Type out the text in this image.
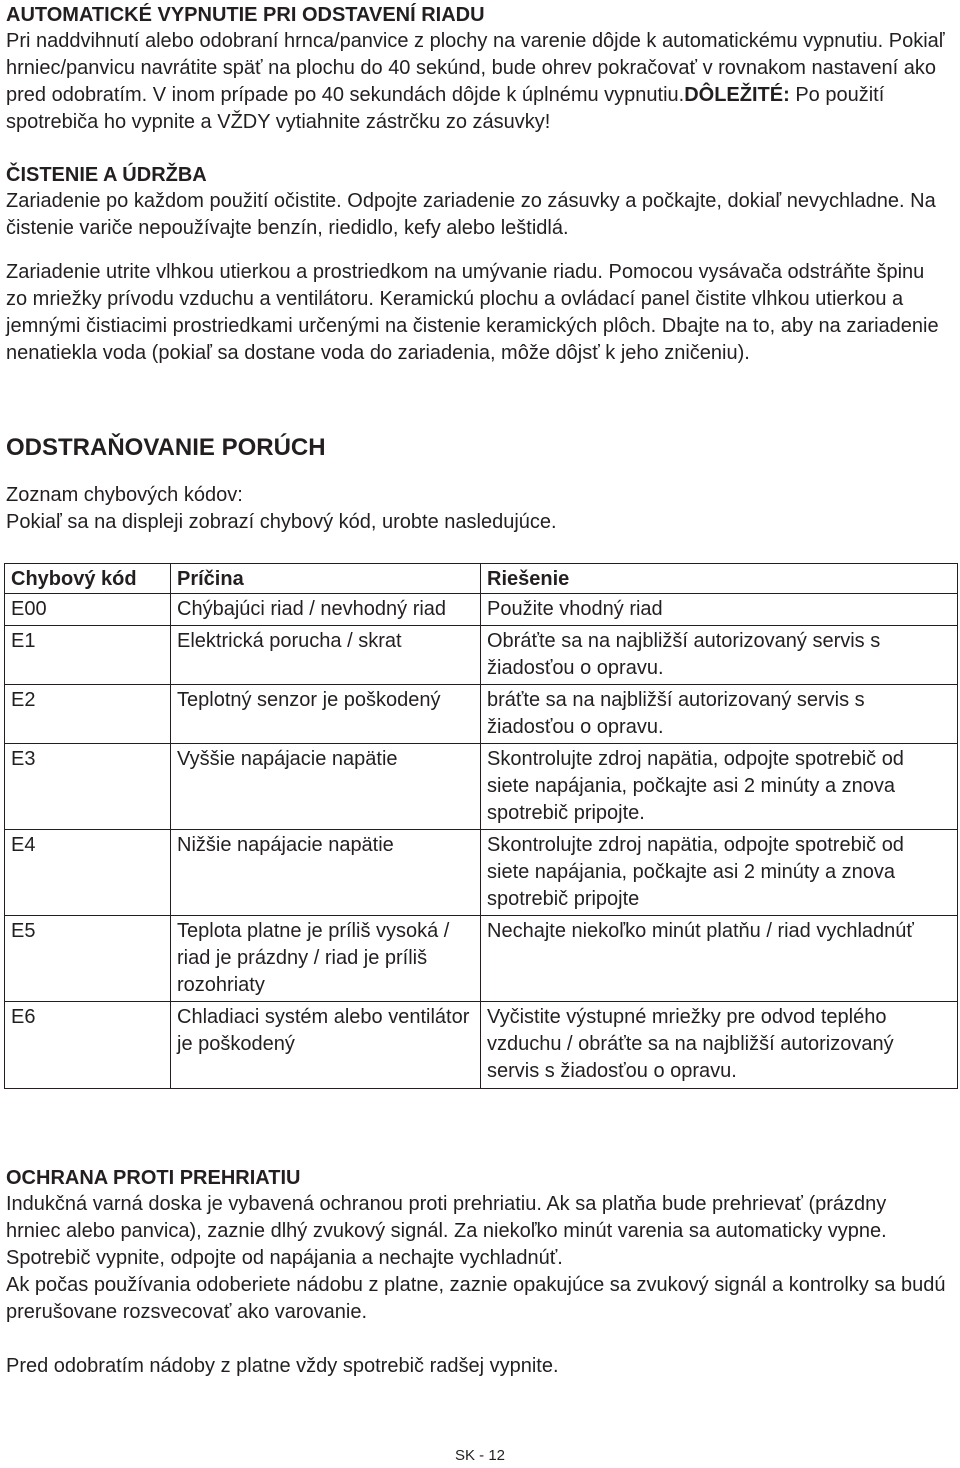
AUTOMATICKÉ VYPNUTIE PRI ODSTAVENÍ RIADU

Pri naddvihnutí alebo odobraní hrnca/panvice z plochy na varenie dôjde k automatickému vypnutiu. Pokiaľ hrniec/panvicu navrátite späť na plochu do 40 sekúnd, bude ohrev pokračovať v rovnakom nastavení ako pred odobratím. V inom prípade po 40 sekundách dôjde k úplnému vypnutiu.DÔLEŽITÉ: Po použití spotrebiča ho vypnite a VŽDY vytiahnite zástrčku zo zásuvky!

ČISTENIE A ÚDRŽBA

Zariadenie po každom použití očistite. Odpojte zariadenie zo zásuvky a počkajte, dokiaľ nevychladne. Na čistenie variče nepoužívajte benzín, riedidlo, kefy alebo leštidlá.

Zariadenie utrite vlhkou utierkou a prostriedkom na umývanie riadu. Pomocou vysávača odstráňte špinu zo mriežky prívodu vzduchu a ventilátoru. Keramickú plochu a ovládací panel čistite vlhkou utierkou a jemnými čistiacimi prostriedkami určenými na čistenie keramických plôch. Dbajte na to, aby na zariadenie nenatiekla voda (pokiaľ sa dostane voda do zariadenia, môže dôjsť k jeho zničeniu).

ODSTRAŇOVANIE PORÚCH

Zoznam chybových kódov:

Pokiaľ sa na displeji zobrazí chybový kód, urobte nasledujúce.

Chybový kód	Príčina	Riešenie
E00	Chýbajúci riad / nevhodný riad	Použite vhodný riad
E1	Elektrická porucha / skrat	Obráťte sa na najbližší autorizovaný servis s žiadosťou o opravu.
E2	Teplotný senzor je poškodený	bráťte sa na najbližší autorizovaný servis s žiadosťou o opravu.
E3	Vyššie napájacie napätie	Skontrolujte zdroj napätia, odpojte spotrebič od siete napájania, počkajte asi 2 minúty a znova spotrebič pripojte.
E4	Nižšie napájacie napätie	Skontrolujte zdroj napätia, odpojte spotrebič od siete napájania, počkajte asi 2 minúty a znova spotrebič pripojte
E5	Teplota platne je príliš vysoká / riad je prázdny / riad je príliš rozohriaty	Nechajte niekoľko minút platňu / riad vychladnúť
E6	Chladiaci systém alebo ventilátor je poškodený	Vyčistite výstupné mriežky pre odvod teplého vzduchu / obráťte sa na najbližší autorizovaný servis s žiadosťou o opravu.
OCHRANA PROTI PREHRIATIU

Indukčná varná doska je vybavená ochranou proti prehriatiu. Ak sa platňa bude prehrievať (prázdny hrniec alebo panvica), zaznie dlhý zvukový signál. Za niekoľko minút varenia sa automaticky vypne. Spotrebič vypnite, odpojte od napájania a nechajte vychladnúť.

Ak počas používania odoberiete nádobu z platne, zaznie opakujúce sa zvukový signál a kontrolky sa budú prerušovane rozsvecovať ako varovanie.

Pred odobratím nádoby z platne vždy spotrebič radšej vypnite.

SK - 12
